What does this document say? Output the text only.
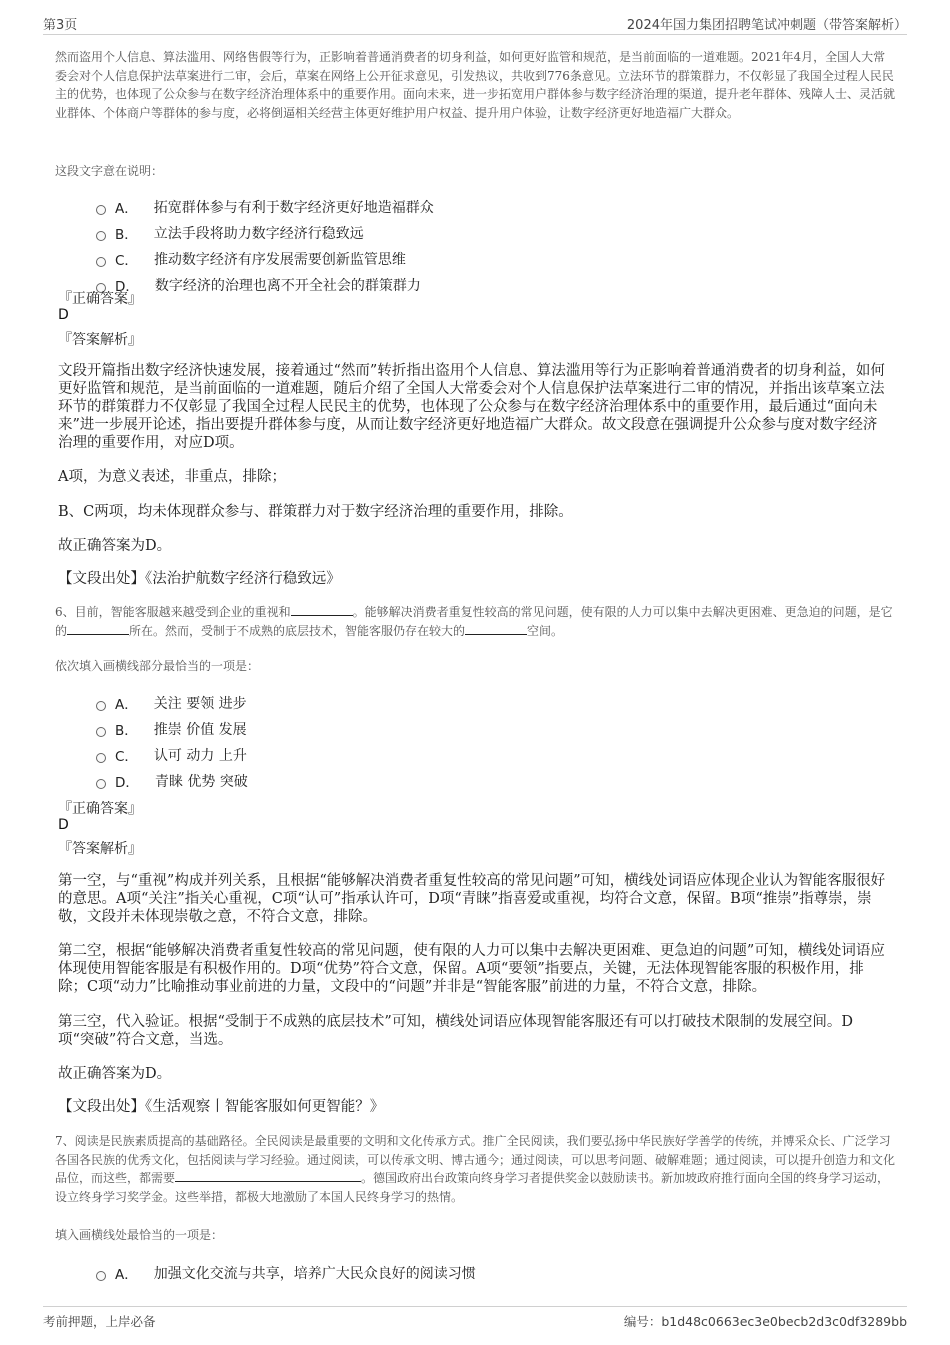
第3页	2024年国力集团招聘笔试冲刺题（带答案解析）
然而盗用个人信息、算法滥用、网络售假等行为，正影响着普通消费者的切身利益，如何更好监管和规范，是当前面临的一道难题。2021年4月，全国人大常委会对个人信息保护法草案进行二审，会后，草案在网络上公开征求意见，引发热议，共收到776条意见。立法环节的群策群力，不仅彰显了我国全过程人民民主的优势，也体现了公众参与在数字经济治理体系中的重要作用。面向未来，进一步拓宽用户群体参与数字经济治理的渠道，提升老年群体、残障人士、灵活就业群体、个体商户等群体的参与度，必将倒逼相关经营主体更好维护用户权益、提升用户体验，让数字经济更好地造福广大群众。
这段文字意在说明：
A． 拓宽群体参与有利于数字经济更好地造福群众
B． 立法手段将助力数字经济行稳致远
C． 推动数字经济有序发展需要创新监管思维
D． 数字经济的治理也离不开全社会的群策群力
『正确答案』
D
『答案解析』
文段开篇指出数字经济快速发展，接着通过“然而”转折指出盗用个人信息、算法滥用等行为正影响着普通消费者的切身利益，如何更好监管和规范，是当前面临的一道难题，随后介绍了全国人大常委会对个人信息保护法草案进行二审的情况，并指出该草案立法环节的群策群力不仅彰显了我国全过程人民民主的优势，也体现了公众参与在数字经济治理体系中的重要作用，最后通过“面向未来”进一步展开论述，指出要提升群体参与度，从而让数字经济更好地造福广大群众。故文段意在强调提升公众参与度对数字经济治理的重要作用，对应D项。
A项，为意义表述，非重点，排除；
B、C两项，均未体现群众参与、群策群力对于数字经济治理的重要作用，排除。
故正确答案为D。
【文段出处】《法治护航数字经济行稳致远》
6、目前，智能客服越来越受到企业的重视和	。能够解决消费者重复性较高的常见问题，使有限的人力可以集中去解决更困难、更急迫的问题，是它的	所在。然而，受制于不成熟的底层技术，智能客服仍存在较大的	空间。
依次填入画横线部分最恰当的一项是：
A． 关注 要领 进步
B． 推崇 价值 发展
C． 认可 动力 上升
D． 青睐 优势 突破
『正确答案』
D
『答案解析』
第一空，与“重视”构成并列关系，且根据“能够解决消费者重复性较高的常见问题”可知，横线处词语应体现企业认为智能客服很好的意思。A项“关注”指关心重视，C项“认可”指承认许可，D项“青睐”指喜爱或重视，均符合文意，保留。B项“推崇”指尊崇，崇敬，文段并未体现崇敬之意，不符合文意，排除。
第二空，根据“能够解决消费者重复性较高的常见问题，使有限的人力可以集中去解决更困难、更急迫的问题”可知，横线处词语应体现使用智能客服是有积极作用的。D项“优势”符合文意，保留。A项“要领”指要点，关键，无法体现智能客服的积极作用，排除；C项“动力”比喻推动事业前进的力量，文段中的“问题”并非是“智能客服”前进的力量，不符合文意，排除。
第三空，代入验证。根据“受制于不成熟的底层技术”可知，横线处词语应体现智能客服还有可以打破技术限制的发展空间。D项“突破”符合文意，当选。
故正确答案为D。
【文段出处】《生活观察丨智能客服如何更智能？》
7、阅读是民族素质提高的基础路径。全民阅读是最重要的文明和文化传承方式。推广全民阅读，我们要弘扬中华民族好学善学的传统，并博采众长、广泛学习各国各民族的优秀文化，包括阅读与学习经验。通过阅读，可以传承文明、博古通今；通过阅读，可以思考问题、破解难题；通过阅读，可以提升创造力和文化品位，而这些，都需要	。德国政府出台政策向终身学习者提供奖金以鼓励读书。新加坡政府推行面向全国的终身学习运动，设立终身学习奖学金。这些举措，都极大地激励了本国人民终身学习的热情。
填入画横线处最恰当的一项是：
A． 加强文化交流与共享，培养广大民众良好的阅读习惯
考前押题，上岸必备	编号：b1d48c0663ec3e0becb2d3c0df3289bb
